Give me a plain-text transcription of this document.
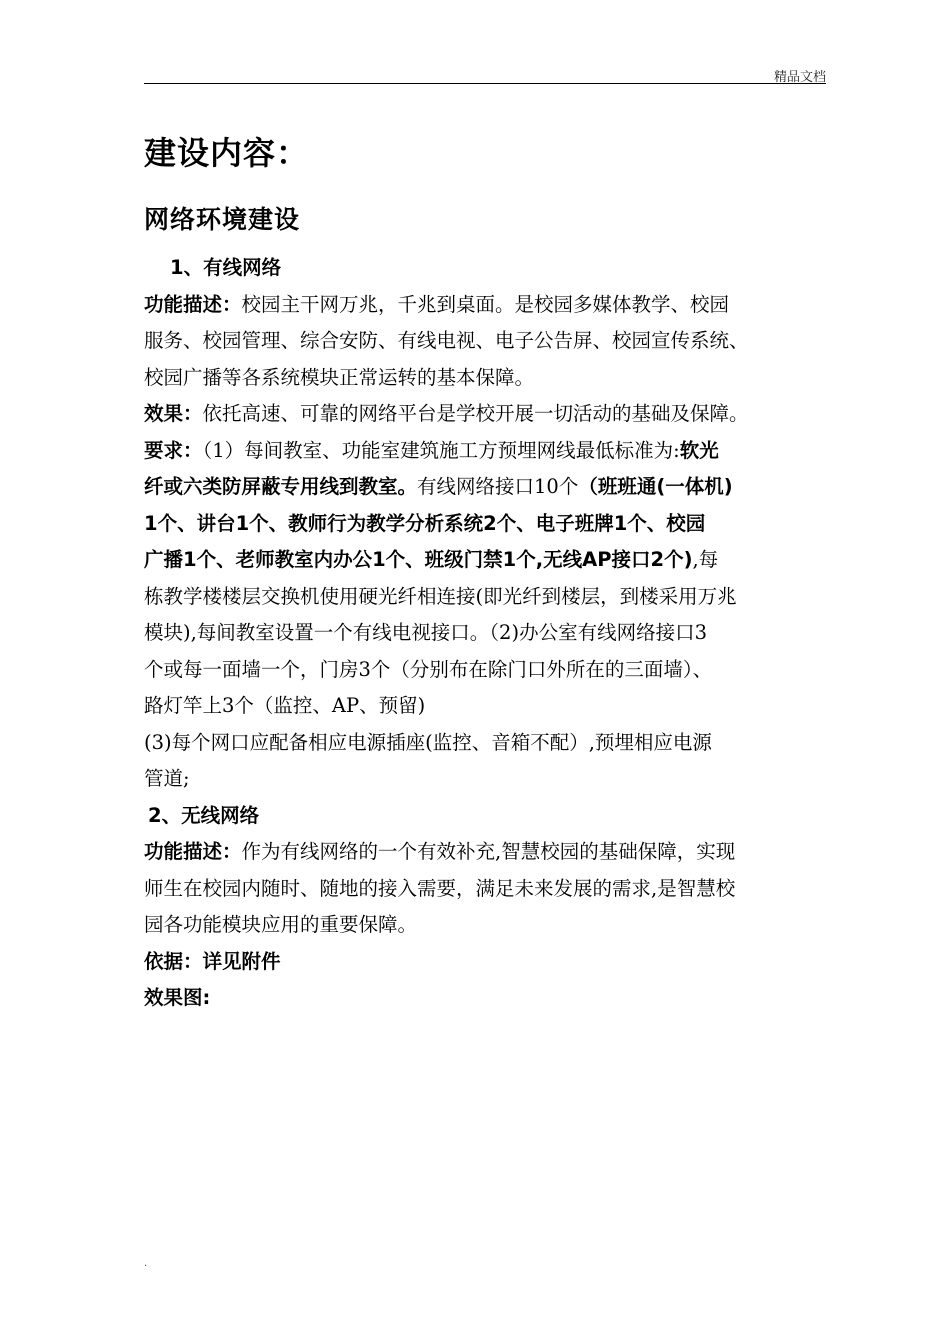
精品文档
建设内容：
网络环境建设
1、有线网络
功能描述：校园主干网万兆，千兆到桌面。是校园多媒体教学、校园
服务、校园管理、综合安防、有线电视、电子公告屏、校园宣传系统、
校园广播等各系统模块正常运转的基本保障。
效果：依托高速、可靠的网络平台是学校开展一切活动的基础及保障。
要求：（1）每间教室、功能室建筑施工方预埋网线最低标准为:软光
纤或六类防屏蔽专用线到教室。有线网络接口10个（班班通(一体机)
1个、讲台1个、教师行为教学分析系统2个、电子班牌1个、校园
广播1个、老师教室内办公1个、班级门禁1个,无线AP接口2个),每
栋教学楼楼层交换机使用硬光纤相连接(即光纤到楼层，到楼采用万兆
模块),每间教室设置一个有线电视接口。（2)办公室有线网络接口3
个或每一面墙一个，门房3个（分别布在除门口外所在的三面墙）、
路灯竿上3个（监控、AP、预留)
(3)每个网口应配备相应电源插座(监控、音箱不配）,预埋相应电源
管道;
2、无线网络
功能描述：作为有线网络的一个有效补充,智慧校园的基础保障，实现
师生在校园内随时、随地的接入需要，满足未来发展的需求,是智慧校
园各功能模块应用的重要保障。
依据：详见附件
效果图:
.
